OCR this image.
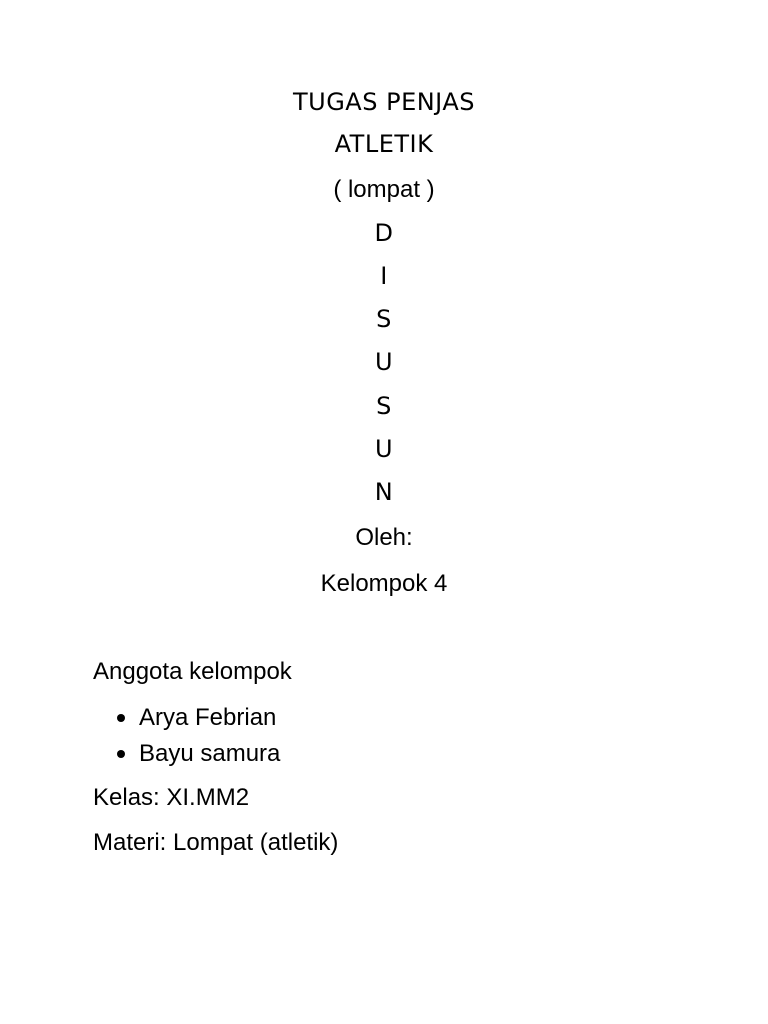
TUGAS PENJAS
ATLETIK
( lompat )
D
I
S
U
S
U
N
Oleh:
Kelompok 4
Anggota kelompok
Arya Febrian
Bayu samura
Kelas: XI.MM2
Materi: Lompat (atletik)
